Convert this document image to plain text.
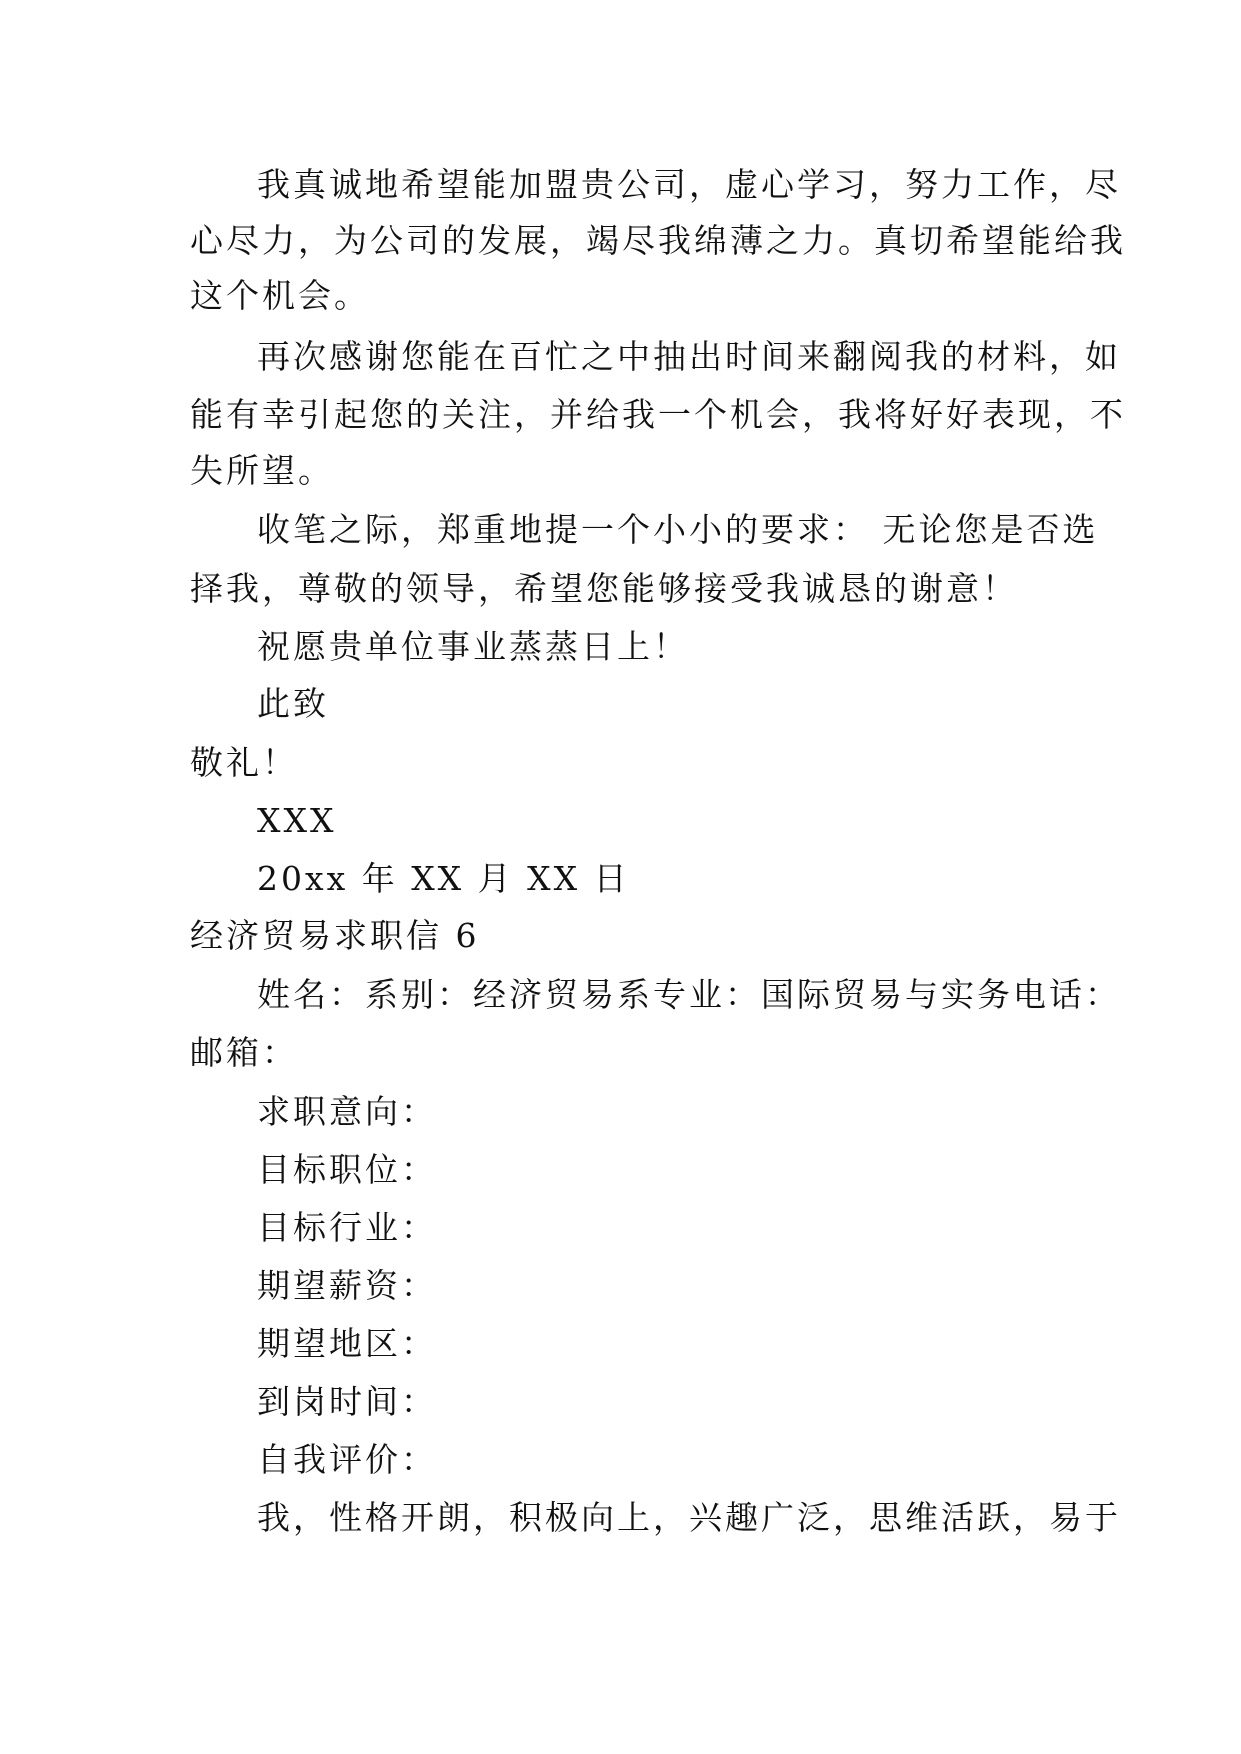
我真诚地希望能加盟贵公司，虚心学习，努力工作，尽
心尽力，为公司的发展，竭尽我绵薄之力。真切希望能给我
这个机会。
再次感谢您能在百忙之中抽出时间来翻阅我的材料，如
能有幸引起您的关注，并给我一个机会，我将好好表现，不
失所望。
收笔之际，郑重地提一个小小的要求： 无论您是否选
择我，尊敬的领导，希望您能够接受我诚恳的谢意！
祝愿贵单位事业蒸蒸日上！
此致
敬礼！
XXX
20xx 年 XX 月 XX 日
经济贸易求职信 6
姓名：系别：经济贸易系专业：国际贸易与实务电话：
邮箱：
求职意向：
目标职位：
目标行业：
期望薪资：
期望地区：
到岗时间：
自我评价：
我，性格开朗，积极向上，兴趣广泛，思维活跃，易于
